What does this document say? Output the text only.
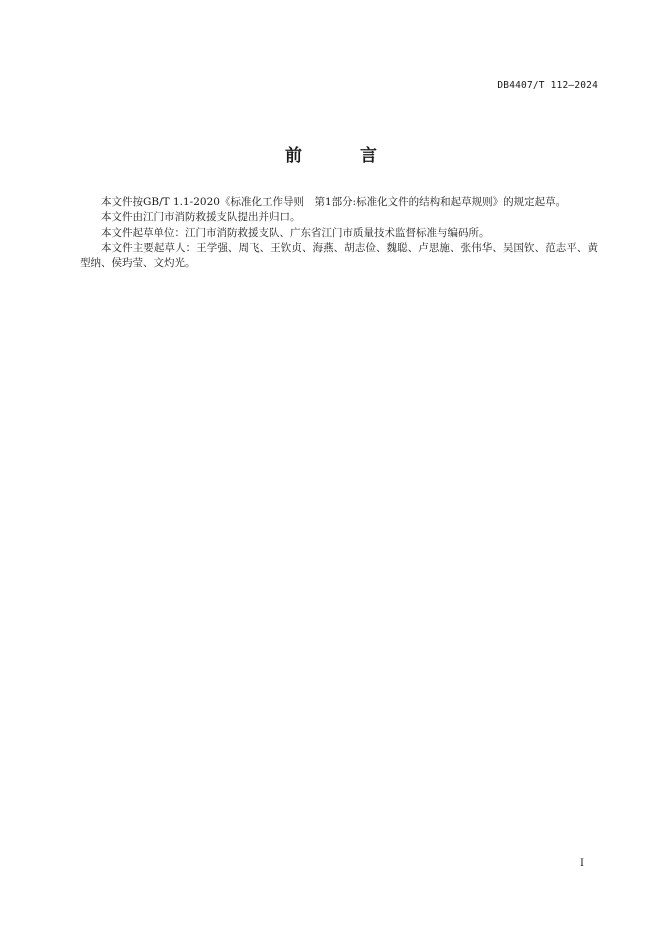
DB4407/T 112—2024
前 言

本文件按GB/T 1.1-2020《标准化工作导则　第1部分:标准化文件的结构和起草规则》的规定起草。

本文件由江门市消防救援支队提出并归口。

本文件起草单位：江门市消防救援支队、广东省江门市质量技术监督标准与编码所。

本文件主要起草人：王学强、周飞、王钦贞、海燕、胡志俭、魏聪、卢思施、张伟华、吴国钦、范志平、黄型纳、侯玙莹、文灼光。

I
